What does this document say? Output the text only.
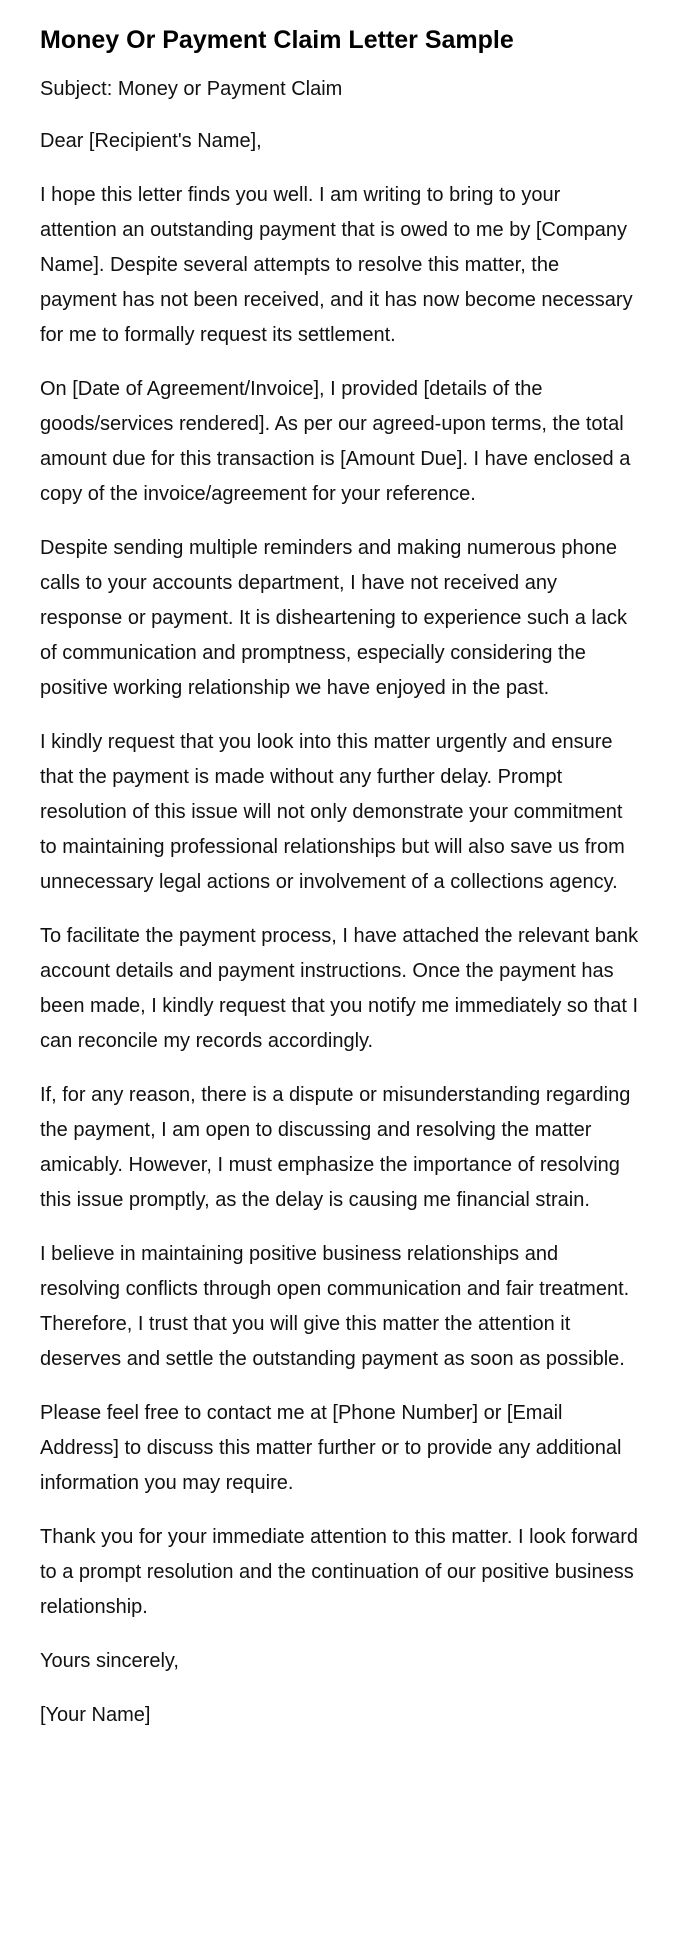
Money Or Payment Claim Letter Sample

Subject: Money or Payment Claim

Dear [Recipient's Name],

I hope this letter finds you well. I am writing to bring to your attention an outstanding payment that is owed to me by [Company Name]. Despite several attempts to resolve this matter, the payment has not been received, and it has now become necessary for me to formally request its settlement.

On [Date of Agreement/Invoice], I provided [details of the goods/services rendered]. As per our agreed-upon terms, the total amount due for this transaction is [Amount Due]. I have enclosed a copy of the invoice/agreement for your reference.

Despite sending multiple reminders and making numerous phone calls to your accounts department, I have not received any response or payment. It is disheartening to experience such a lack of communication and promptness, especially considering the positive working relationship we have enjoyed in the past.

I kindly request that you look into this matter urgently and ensure that the payment is made without any further delay. Prompt resolution of this issue will not only demonstrate your commitment to maintaining professional relationships but will also save us from unnecessary legal actions or involvement of a collections agency.

To facilitate the payment process, I have attached the relevant bank account details and payment instructions. Once the payment has been made, I kindly request that you notify me immediately so that I can reconcile my records accordingly.

If, for any reason, there is a dispute or misunderstanding regarding the payment, I am open to discussing and resolving the matter amicably. However, I must emphasize the importance of resolving this issue promptly, as the delay is causing me financial strain.

I believe in maintaining positive business relationships and resolving conflicts through open communication and fair treatment. Therefore, I trust that you will give this matter the attention it deserves and settle the outstanding payment as soon as possible.

Please feel free to contact me at [Phone Number] or [Email Address] to discuss this matter further or to provide any additional information you may require.

Thank you for your immediate attention to this matter. I look forward to a prompt resolution and the continuation of our positive business relationship.

Yours sincerely,

[Your Name]
